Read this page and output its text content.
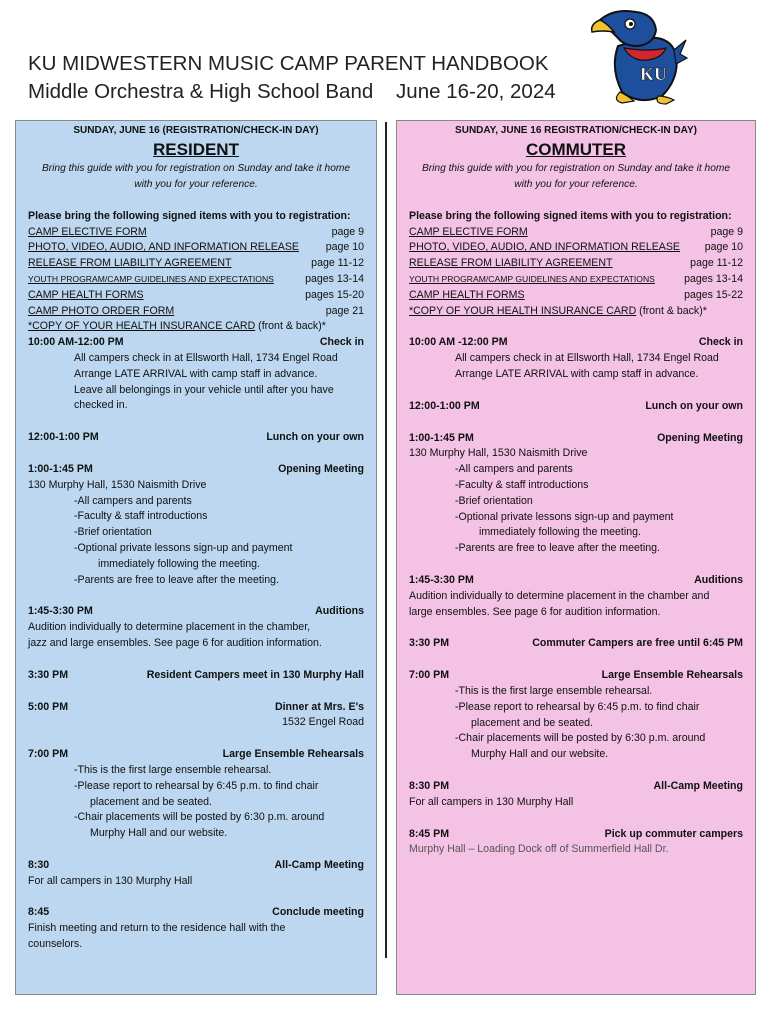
KU MIDWESTERN MUSIC CAMP PARENT HANDBOOK
Middle Orchestra & High School Band    June 16-20, 2024
KU
SUNDAY, JUNE 16 (REGISTRATION/CHECK-IN DAY)
RESIDENT
Bring this guide with you for registration on Sunday and take it home with you for your reference.
Please bring the following signed items with you to registration:
CAMP ELECTIVE FORM	page 9
PHOTO, VIDEO, AUDIO, AND INFORMATION RELEASE	page 10
RELEASE FROM LIABILITY AGREEMENT	page 11-12
YOUTH PROGRAM/CAMP GUIDELINES AND EXPECTATIONS	pages 13-14
CAMP HEALTH FORMS	pages 15-20
CAMP PHOTO ORDER FORM	page 21
*COPY OF YOUR HEALTH INSURANCE CARD (front & back)*
10:00 AM-12:00 PM	Check in
All campers check in at Ellsworth Hall, 1734 Engel Road
Arrange LATE ARRIVAL with camp staff in advance.
Leave all belongings in your vehicle until after you have
checked in.
12:00-1:00 PM	Lunch on your own
1:00-1:45 PM	Opening Meeting
130 Murphy Hall, 1530 Naismith Drive
-All campers and parents
-Faculty & staff introductions
-Brief orientation
-Optional private lessons sign-up and payment
immediately following the meeting.
-Parents are free to leave after the meeting.
1:45-3:30 PM	Auditions
Audition individually to determine placement in the chamber,
jazz and large ensembles. See page 6 for audition information.
3:30 PM	Resident Campers meet in 130 Murphy Hall
5:00 PM	Dinner at Mrs. E's
1532 Engel Road
7:00 PM	Large Ensemble Rehearsals
-This is the first large ensemble rehearsal.
-Please report to rehearsal by 6:45 p.m. to find chair
placement and be seated.
-Chair placements will be posted by 6:30 p.m. around
Murphy Hall and our website.
8:30	All-Camp Meeting
For all campers in 130 Murphy Hall
8:45	Conclude meeting
Finish meeting and return to the residence hall with the
counselors.
SUNDAY, JUNE 16 REGISTRATION/CHECK-IN DAY)
COMMUTER
Bring this guide with you for registration on Sunday and take it home with you for your reference.
Please bring the following signed items with you to registration:
CAMP ELECTIVE FORM	page 9
PHOTO, VIDEO, AUDIO, AND INFORMATION RELEASE page 10
RELEASE FROM LIABILITY AGREEMENT	page 11-12
YOUTH PROGRAM/CAMP GUIDELINES AND EXPECTATIONS	pages 13-14
CAMP HEALTH FORMS	pages 15-22
*COPY OF YOUR HEALTH INSURANCE CARD (front & back)*
10:00 AM -12:00 PM	Check in
All campers check in at Ellsworth Hall, 1734 Engel Road
Arrange LATE ARRIVAL with camp staff in advance.
12:00-1:00 PM	Lunch on your own
1:00-1:45 PM	Opening Meeting
130 Murphy Hall, 1530 Naismith Drive
-All campers and parents
-Faculty & staff introductions
-Brief orientation
-Optional private lessons sign-up and payment
immediately following the meeting.
-Parents are free to leave after the meeting.
1:45-3:30 PM	Auditions
Audition individually to determine placement in the chamber and
large ensembles. See page 6 for audition information.
3:30 PM	Commuter Campers are free until 6:45 PM
7:00 PM	Large Ensemble Rehearsals
-This is the first large ensemble rehearsal.
-Please report to rehearsal by 6:45 p.m. to find chair
placement and be seated.
-Chair placements will be posted by 6:30 p.m. around
Murphy Hall and our website.
8:30 PM	All-Camp Meeting
For all campers in 130 Murphy Hall
8:45 PM	Pick up commuter campers
Murphy Hall – Loading Dock off of Summerfield Hall Dr.
